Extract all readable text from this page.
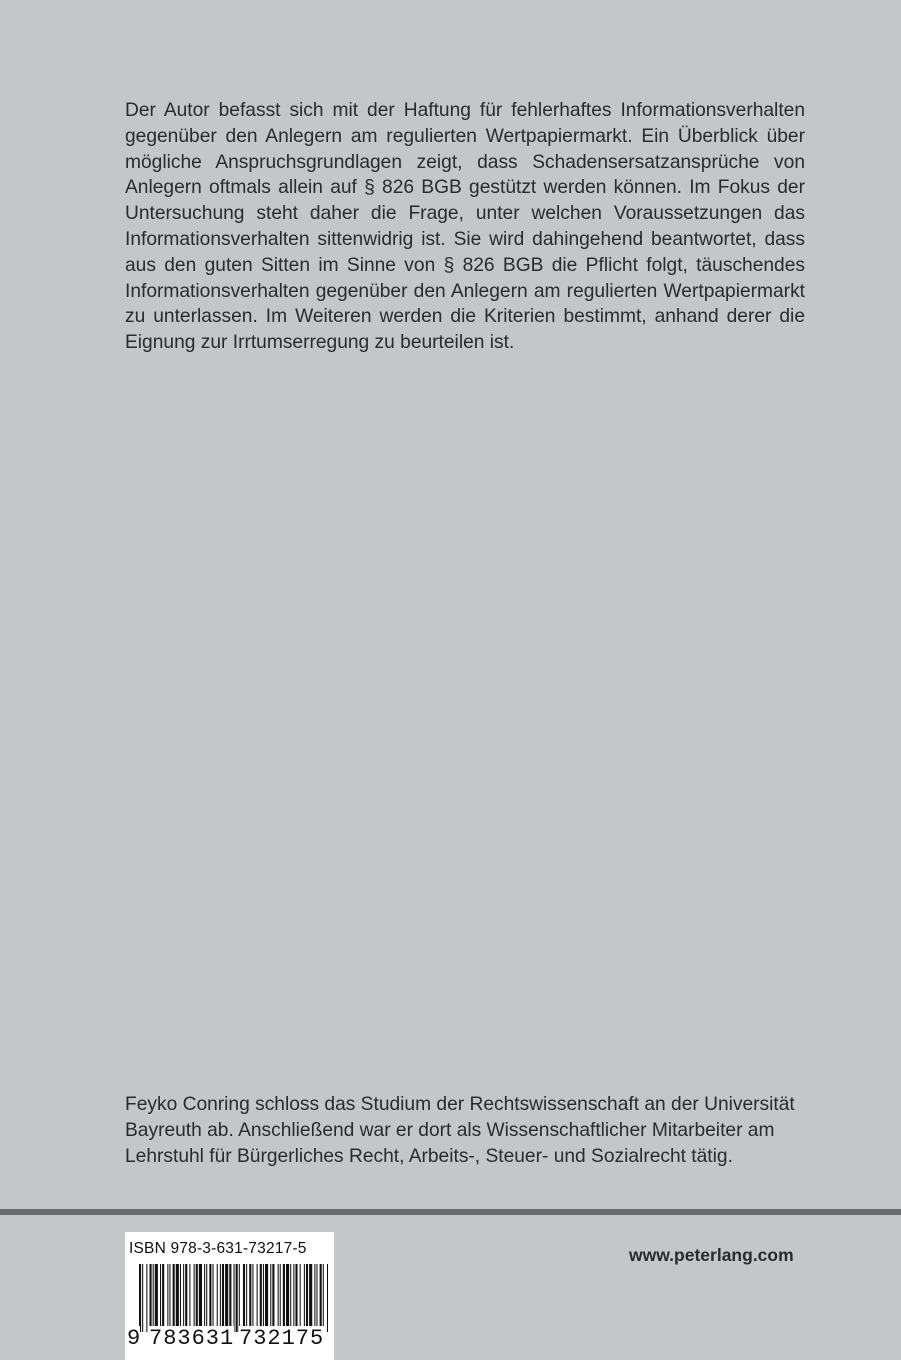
Der Autor befasst sich mit der Haftung für fehlerhaftes Informationsverhalten gegenüber den Anlegern am regulierten Wertpapiermarkt. Ein Überblick über mögliche Anspruchsgrundlagen zeigt, dass Schadensersatzansprüche von Anlegern oftmals allein auf § 826 BGB gestützt werden können. Im Fokus der Untersuchung steht daher die Frage, unter welchen Voraussetzungen das Informationsverhalten sittenwidrig ist. Sie wird dahingehend beantwortet, dass aus den guten Sitten im Sinne von § 826 BGB die Pflicht folgt, täuschendes Informationsverhalten gegenüber den Anlegern am regulierten Wertpapiermarkt zu unterlassen. Im Weiteren werden die Kriterien bestimmt, anhand derer die Eignung zur Irrtumserregung zu beurteilen ist.

Feyko Conring schloss das Studium der Rechtswissenschaft an der Universität
Bayreuth ab. Anschließend war er dort als Wissenschaftlicher Mitarbeiter am
Lehrstuhl für Bürgerliches Recht, Arbeits-, Steuer- und Sozialrecht tätig.

ISBN 978-3-631-73217-5
9 783631 732175
www.peterlang.com
